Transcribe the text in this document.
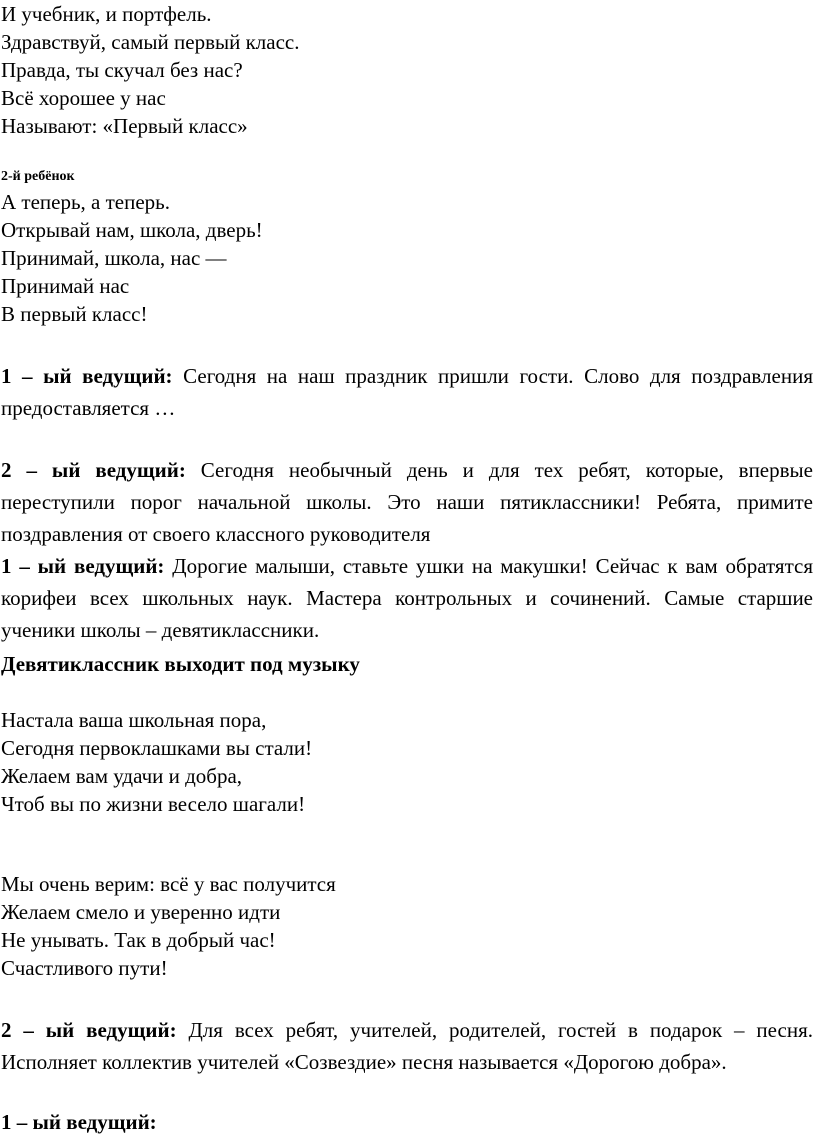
И учебник, и портфель.
Здравствуй, самый первый класс.
Правда, ты скучал без нас?
Всё хорошее у нас
Называют: «Первый класс»
2-й ребёнок
А теперь, а теперь.
Открывай нам, школа, дверь!
Принимай, школа, нас —
Принимай нас
В первый класс!
1 – ый ведущий: Сегодня на наш праздник пришли гости. Слово для поздравления предоставляется …
2 – ый ведущий: Сегодня необычный день и для тех ребят, которые, впервые переступили порог начальной школы. Это наши пятиклассники! Ребята, примите поздравления от своего классного руководителя
1 – ый ведущий: Дорогие малыши, ставьте ушки на макушки! Сейчас к вам обратятся корифеи всех школьных наук. Мастера контрольных и сочинений. Самые старшие ученики школы – девятиклассники.
Девятиклассник выходит под музыку
Настала ваша школьная пора,
Сегодня первоклашками вы стали!
Желаем вам удачи и добра,
Чтоб вы по жизни весело шагали!
Мы очень верим: всё у вас получится
Желаем смело и уверенно идти
Не унывать. Так в добрый час!
Счастливого пути!
2 – ый ведущий: Для всех ребят, учителей, родителей, гостей в подарок – песня. Исполняет коллектив учителей «Созвездие» песня называется «Дорогою добра».
1 – ый ведущий:
